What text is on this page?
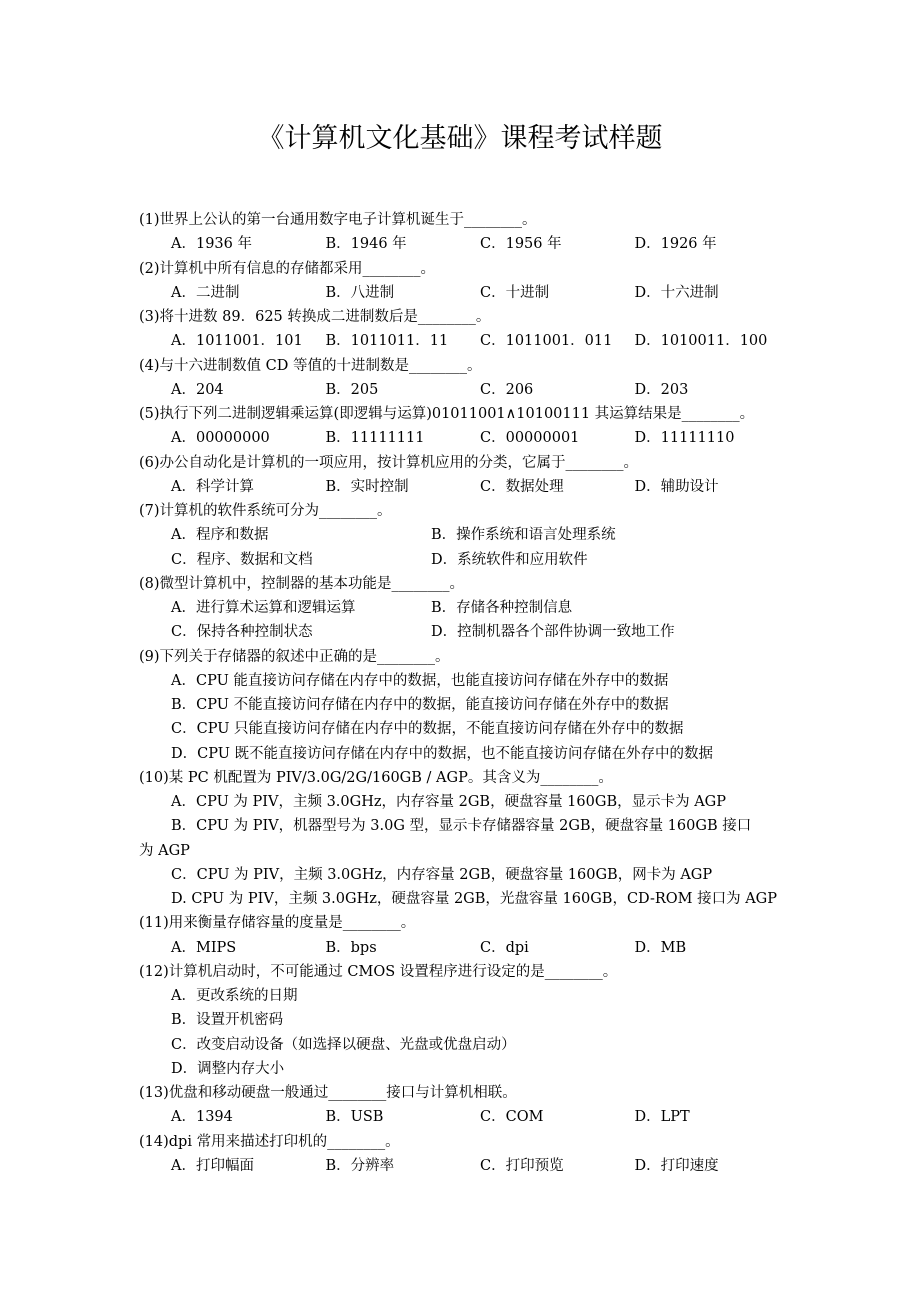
《计算机文化基础》课程考试样题
(1)世界上公认的第一台通用数字电子计算机诞生于________。
A．1936 年	B．1946 年	C．1956 年	D．1926 年
(2)计算机中所有信息的存储都采用________。
A．二进制	B．八进制	C．十进制	D．十六进制
(3)将十进数 89．625 转换成二进制数后是________。
A．1011001．101	B．1011011．11	C．1011001．011	D．1010011．100
(4)与十六进制数值 CD 等值的十进制数是________。
A．204	B．205	C．206	D．203
(5)执行下列二进制逻辑乘运算(即逻辑与运算)01011001∧10100111 其运算结果是________。
A．00000000	B．11111111	C．00000001	D．11111110
(6)办公自动化是计算机的一项应用，按计算机应用的分类，它属于________。
A．科学计算	B．实时控制	C．数据处理	D．辅助设计
(7)计算机的软件系统可分为________。
A．程序和数据	B．操作系统和语言处理系统
C．程序、数据和文档	D．系统软件和应用软件
(8)微型计算机中，控制器的基本功能是________。
A．进行算术运算和逻辑运算	B．存储各种控制信息
C．保持各种控制状态	D．控制机器各个部件协调一致地工作
(9)下列关于存储器的叙述中正确的是________。
A．CPU 能直接访问存储在内存中的数据，也能直接访问存储在外存中的数据
B．CPU 不能直接访问存储在内存中的数据，能直接访问存储在外存中的数据
C．CPU 只能直接访问存储在内存中的数据，不能直接访问存储在外存中的数据
D．CPU 既不能直接访问存储在内存中的数据，也不能直接访问存储在外存中的数据
(10)某 PC 机配置为 PIV/3.0G/2G/160GB / AGP。其含义为________。
A．CPU 为 PIV，主频 3.0GHz，内存容量 2GB，硬盘容量 160GB，显示卡为 AGP
B．CPU 为 PIV，机器型号为 3.0G 型，显示卡存储器容量 2GB，硬盘容量 160GB 接口
为 AGP
C．CPU 为 PIV，主频 3.0GHz，内存容量 2GB，硬盘容量 160GB，网卡为 AGP
D. CPU 为 PIV，主频 3.0GHz，硬盘容量 2GB，光盘容量 160GB，CD-ROM 接口为 AGP
(11)用来衡量存储容量的度量是________。
A．MIPS	B．bps	C．dpi	D．MB
(12)计算机启动时，不可能通过 CMOS 设置程序进行设定的是________。
A．更改系统的日期
B．设置开机密码
C．改变启动设备（如选择以硬盘、光盘或优盘启动）
D．调整内存大小
(13)优盘和移动硬盘一般通过________接口与计算机相联。
A．1394	B．USB	C．COM	D．LPT
(14)dpi 常用来描述打印机的________。
A．打印幅面	B．分辨率	C．打印预览	D．打印速度
